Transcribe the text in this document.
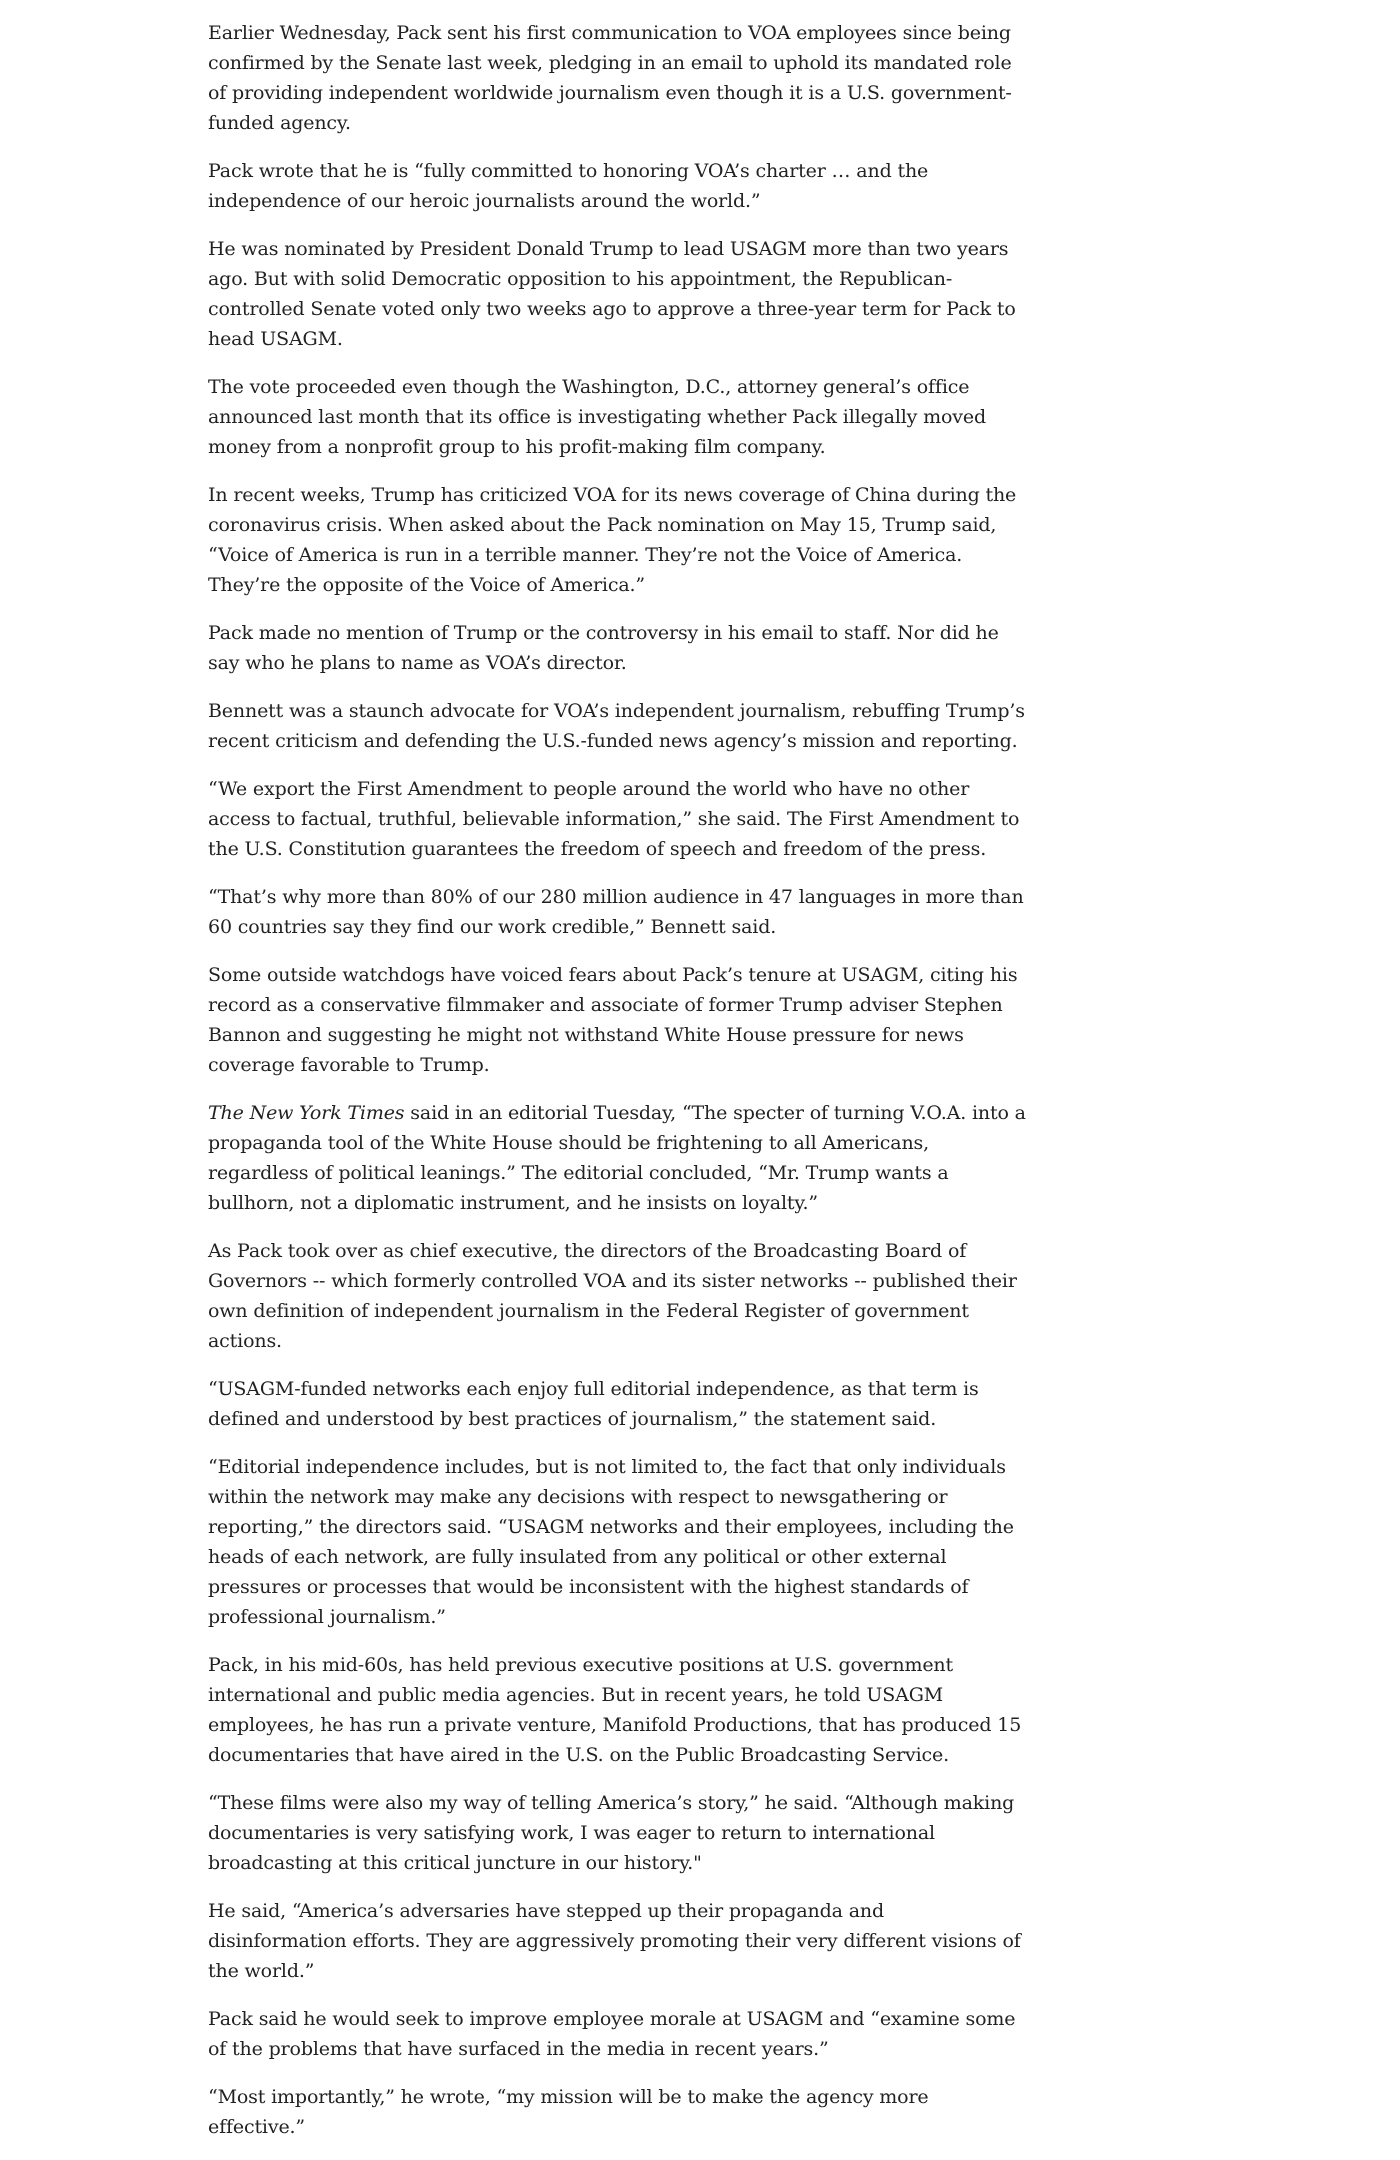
Earlier Wednesday, Pack sent his first communication to VOA employees since being confirmed by the Senate last week, pledging in an email to uphold its mandated role of providing independent worldwide journalism even though it is a U.S. government-funded agency.

Pack wrote that he is “fully committed to honoring VOA’s charter … and the independence of our heroic journalists around the world.”

He was nominated by President Donald Trump to lead USAGM more than two years ago. But with solid Democratic opposition to his appointment, the Republican-controlled Senate voted only two weeks ago to approve a three-year term for Pack to head USAGM.

The vote proceeded even though the Washington, D.C., attorney general’s office announced last month that its office is investigating whether Pack illegally moved money from a nonprofit group to his profit-making film company.

In recent weeks, Trump has criticized VOA for its news coverage of China during the coronavirus crisis. When asked about the Pack nomination on May 15, Trump said, “Voice of America is run in a terrible manner. They’re not the Voice of America. They’re the opposite of the Voice of America.”

Pack made no mention of Trump or the controversy in his email to staff. Nor did he say who he plans to name as VOA’s director.

Bennett was a staunch advocate for VOA’s independent journalism, rebuffing Trump’s recent criticism and defending the U.S.-funded news agency’s mission and reporting.

“We export the First Amendment to people around the world who have no other access to factual, truthful, believable information,” she said. The First Amendment to the U.S. Constitution guarantees the freedom of speech and freedom of the press.

“That’s why more than 80% of our 280 million audience in 47 languages in more than 60 countries say they find our work credible,” Bennett said.

Some outside watchdogs have voiced fears about Pack’s tenure at USAGM, citing his record as a conservative filmmaker and associate of former Trump adviser Stephen Bannon and suggesting he might not withstand White House pressure for news coverage favorable to Trump.

The New York Times said in an editorial Tuesday, “The specter of turning V.O.A. into a propaganda tool of the White House should be frightening to all Americans, regardless of political leanings.” The editorial concluded, “Mr. Trump wants a bullhorn, not a diplomatic instrument, and he insists on loyalty.”

As Pack took over as chief executive, the directors of the Broadcasting Board of Governors -- which formerly controlled VOA and its sister networks -- published their own definition of independent journalism in the Federal Register of government actions.

“USAGM-funded networks each enjoy full editorial independence, as that term is defined and understood by best practices of journalism,” the statement said.

“Editorial independence includes, but is not limited to, the fact that only individuals within the network may make any decisions with respect to newsgathering or reporting,” the directors said. “USAGM networks and their employees, including the heads of each network, are fully insulated from any political or other external pressures or processes that would be inconsistent with the highest standards of professional journalism.”

Pack, in his mid-60s, has held previous executive positions at U.S. government international and public media agencies. But in recent years, he told USAGM employees, he has run a private venture, Manifold Productions, that has produced 15 documentaries that have aired in the U.S. on the Public Broadcasting Service.

“These films were also my way of telling America’s story,” he said. “Although making documentaries is very satisfying work, I was eager to return to international broadcasting at this critical juncture in our history."

He said, “America’s adversaries have stepped up their propaganda and disinformation efforts. They are aggressively promoting their very different visions of the world.”

Pack said he would seek to improve employee morale at USAGM and “examine some of the problems that have surfaced in the media in recent years.”

“Most importantly,” he wrote, “my mission will be to make the agency more effective.”
